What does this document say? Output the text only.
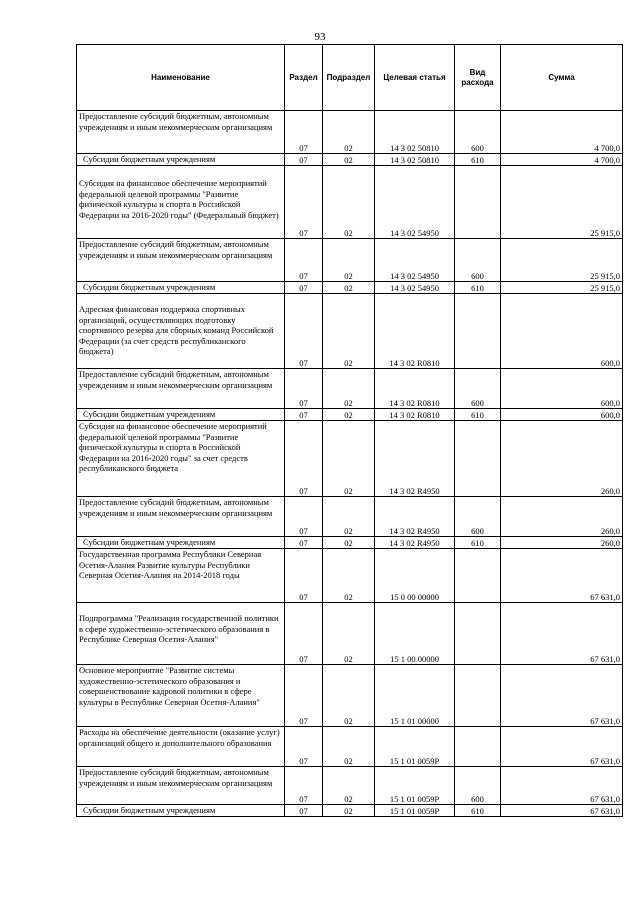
93
Наименование	Раздел	Подраздел	Целевая статья	Вид расхода	Сумма
Предоставление субсидий бюджетным, автономным учреждениям и иным некоммерческим организациям	07	02	14 3 02 50810	600	4 700,0
Субсидии бюджетным учреждениям	07	02	14 3 02 50810	610	4 700,0
Субсидия на финансовое обеспечение мероприятий федеральной целевой программы "Развитие физической культуры и спорта в Российской Федерации на 2016-2020 годы" (Федеральный бюджет)	07	02	14 3 02 54950		25 915,0
Предоставление субсидий бюджетным, автономным учреждениям и иным некоммерческим организациям	07	02	14 3 02 54950	600	25 915,0
Субсидии бюджетным учреждениям	07	02	14 3 02 54950	610	25 915,0
Адресная финансовая поддержка спортивных организаций, осуществляющих подготовку спортивного резерва для сборных команд Российской Федерации (за счет средств республиканского бюджета)	07	02	14 3 02 R0810		600,0
Предоставление субсидий бюджетным, автономным учреждениям и иным некоммерческим организациям	07	02	14 3 02 R0810	600	600,0
Субсидии бюджетным учреждениям	07	02	14 3 02 R0810	610	600,0
Субсидия на финансовое обеспечение мероприятий федеральной целевой программы "Развитие физической культуры и спорта в Российской Федерации на 2016-2020 годы" за счет средств республиканского бюджета	07	02	14 3 02 R4950		260,0
Предоставление субсидий бюджетным, автономным учреждениям и иным некоммерческим организациям	07	02	14 3 02 R4950	600	260,0
Субсидии бюджетным учреждениям	07	02	14 3 02 R4950	610	260,0
Государственная программа Республики Северная Осетия-Алания Развитие культуры Республики Северная Осетия-Алания на 2014-2018 годы	07	02	15 0 00 00000		67 631,0
Подпрограмма "Реализация государственной политики в сфере художественно-эстетического образования в Республике Северная Осетия-Алания"	07	02	15 1 00 00000		67 631,0
Основное мероприятие "Развитие системы художественно-эстетического образования и совершенствование кадровой политики в сфере культуры в Республике Северная Осетия-Алания"	07	02	15 1 01 00000		67 631,0
Расходы на обеспечение деятельности (оказание услуг) организаций общего и дополнительного образования	07	02	15 1 01 0059Р		67 631,0
Предоставление субсидий бюджетным, автономным учреждениям и иным некоммерческим организациям	07	02	15 1 01 0059Р	600	67 631,0
Субсидии бюджетным учреждениям	07	02	15 1 01 0059Р	610	67 631,0
